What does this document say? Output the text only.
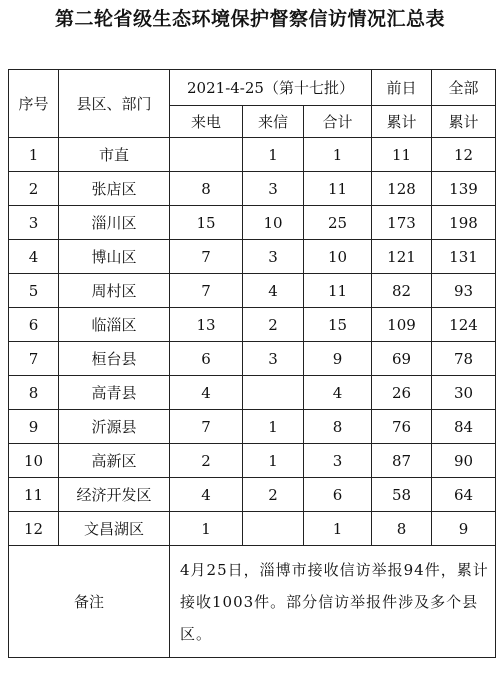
第二轮省级生态环境保护督察信访情况汇总表
序号	县区、部门	2021-4-25（第十七批）			前日	全部
		来电	来信	合计	累计	累计
1	市直		1	1	11	12
2	张店区	8	3	11	128	139
3	淄川区	15	10	25	173	198
4	博山区	7	3	10	121	131
5	周村区	7	4	11	82	93
6	临淄区	13	2	15	109	124
7	桓台县	6	3	9	69	78
8	高青县	4		4	26	30
9	沂源县	7	1	8	76	84
10	高新区	2	1	3	87	90
11	经济开发区	4	2	6	58	64
12	文昌湖区	1		1	8	9
备注		4月25日，淄博市接收信访举报94件，累计接收1003件。部分信访举报件涉及多个县区。				
